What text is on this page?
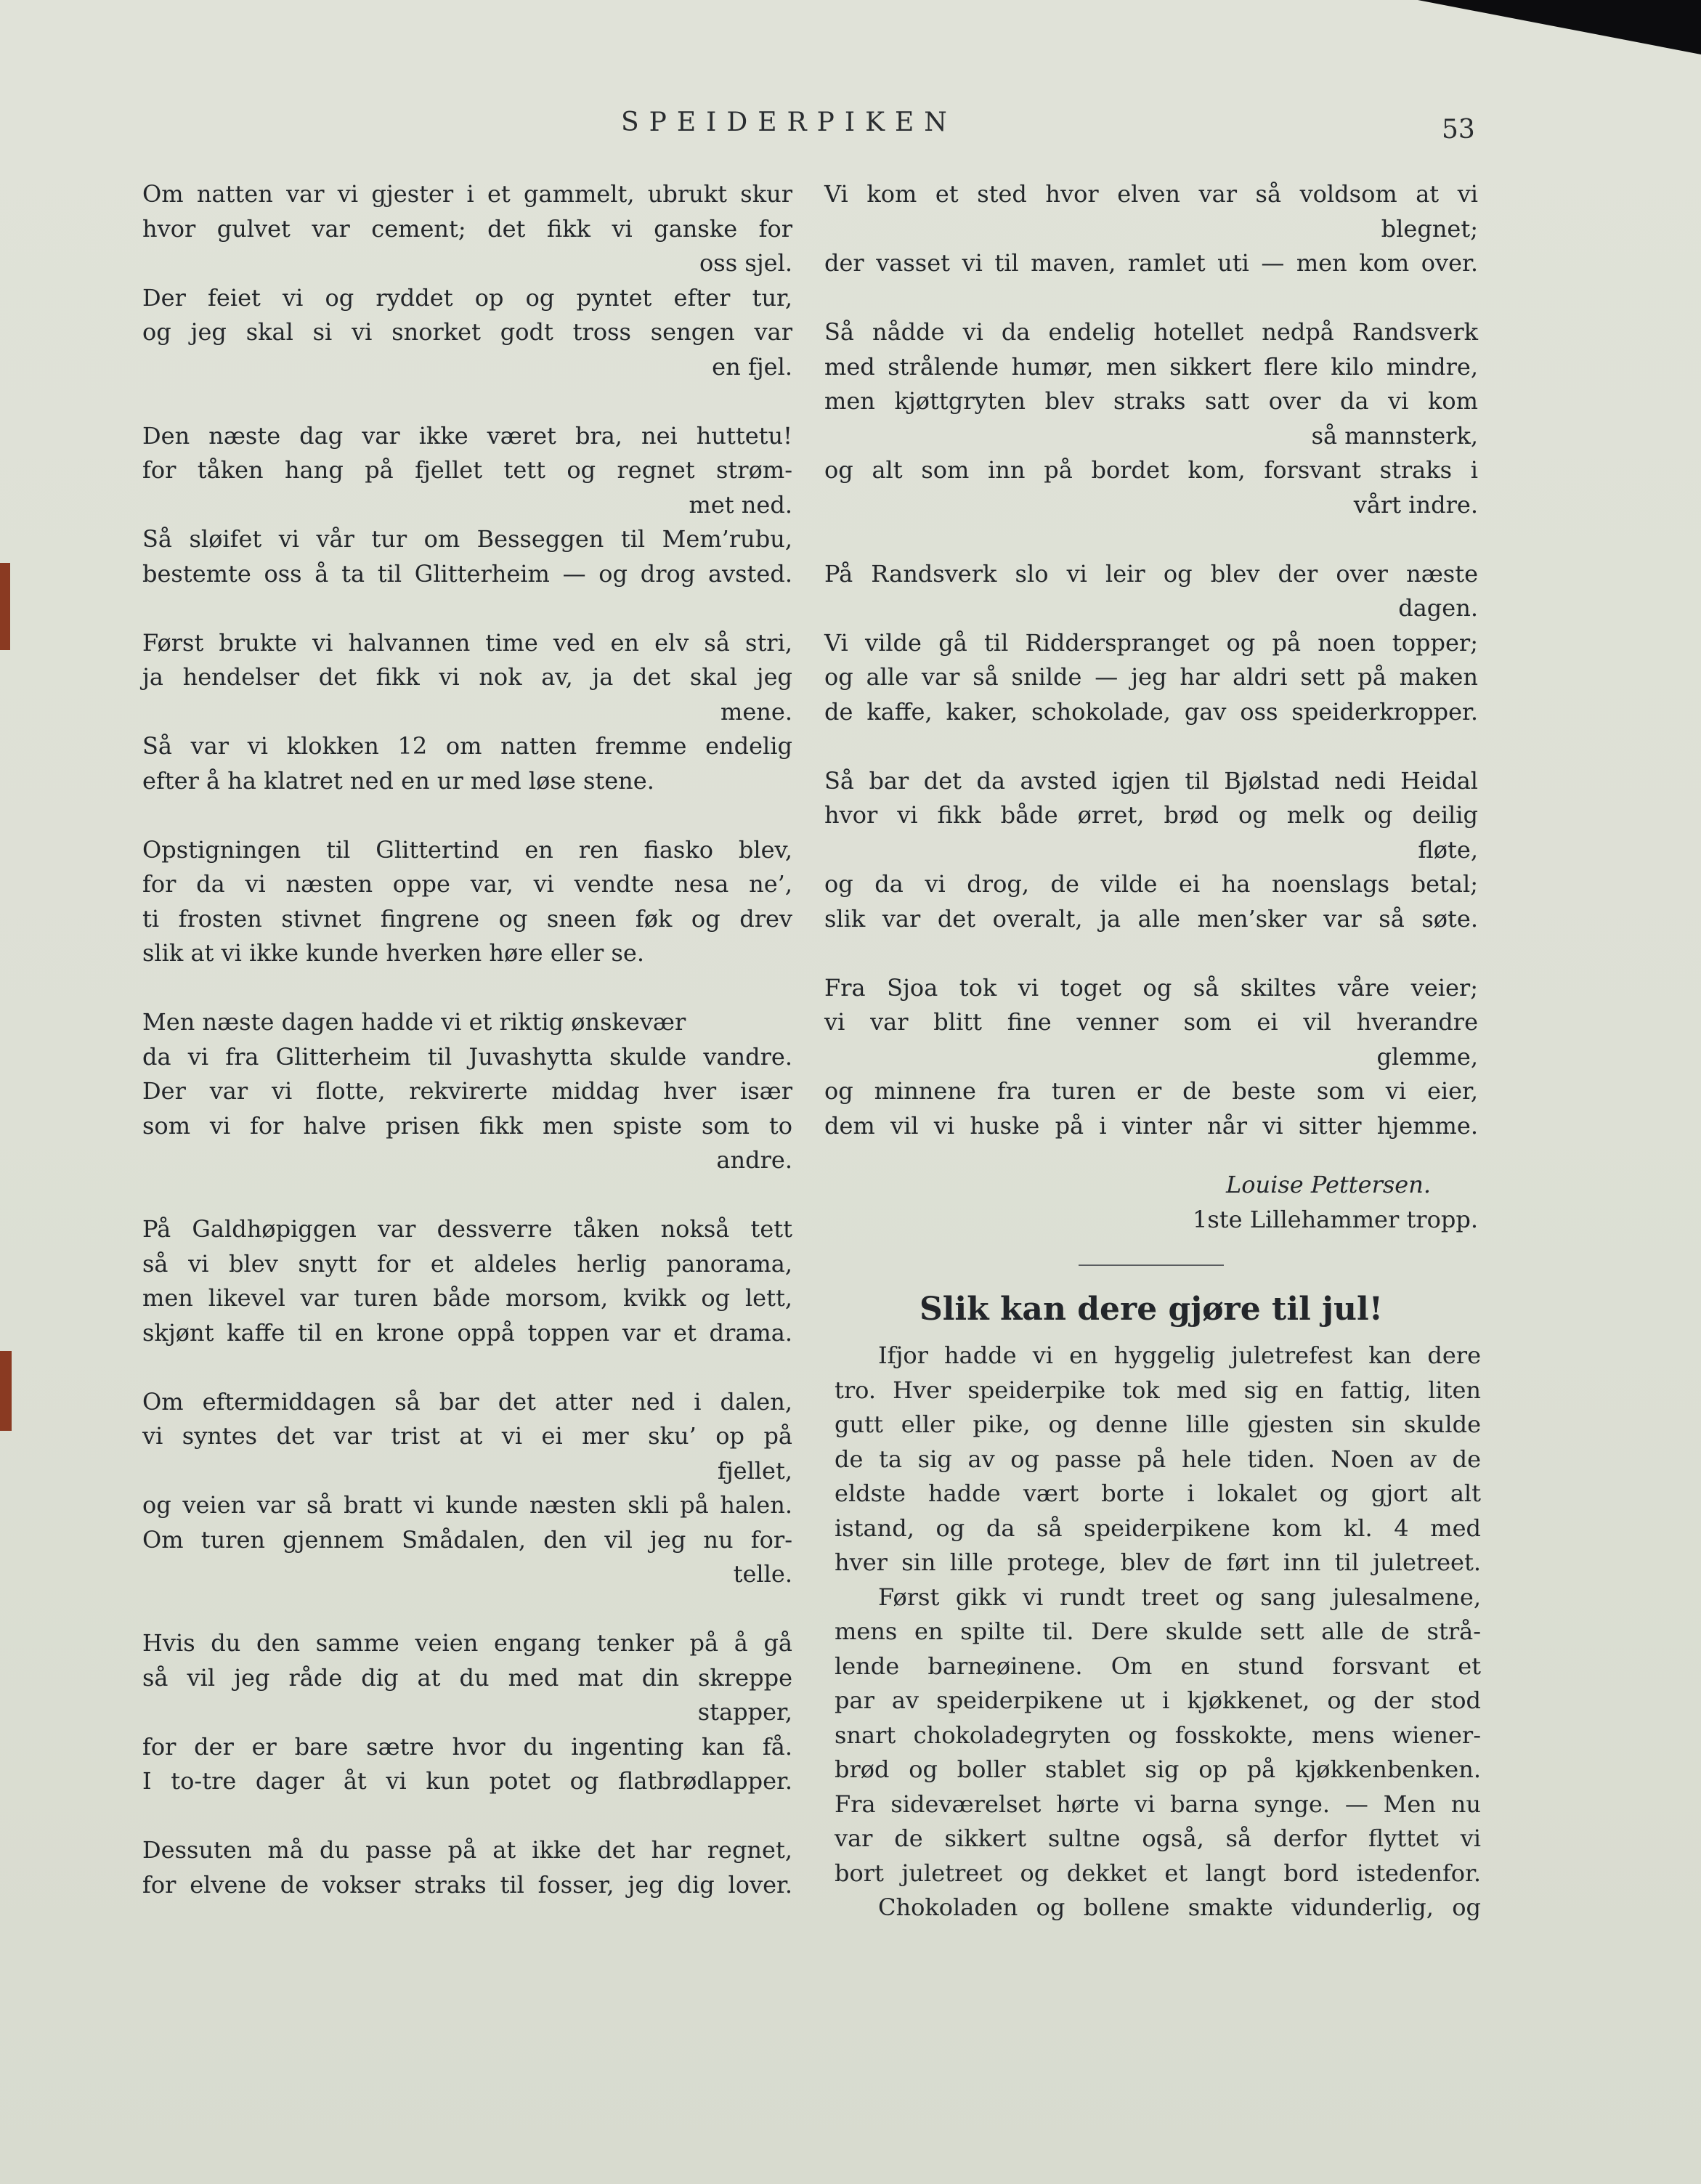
SPEIDERPIKEN	53
Om natten var vi gjester i et gammelt, ubrukt skur
hvor gulvet var cement; det fikk vi ganske for
oss sjel.
Der feiet vi og ryddet op og pyntet efter tur,
og jeg skal si vi snorket godt tross sengen var
en fjel.
Den næste dag var ikke været bra, nei huttetu!
for tåken hang på fjellet tett og regnet strøm-
met ned.
Så sløifet vi vår tur om Besseggen til Mem’rubu,
bestemte oss å ta til Glitterheim — og drog avsted.
Først brukte vi halvannen time ved en elv så stri,
ja hendelser det fikk vi nok av, ja det skal jeg
mene.
Så var vi klokken 12 om natten fremme endelig
efter å ha klatret ned en ur med løse stene.
Opstigningen til Glittertind en ren fiasko blev,
for da vi næsten oppe var, vi vendte nesa ne’,
ti frosten stivnet fingrene og sneen føk og drev
slik at vi ikke kunde hverken høre eller se.
Men næste dagen hadde vi et riktig ønskevær
da vi fra Glitterheim til Juvashytta skulde vandre.
Der var vi flotte, rekvirerte middag hver især
som vi for halve prisen fikk men spiste som to
andre.
På Galdhøpiggen var dessverre tåken nokså tett
så vi blev snytt for et aldeles herlig panorama,
men likevel var turen både morsom, kvikk og lett,
skjønt kaffe til en krone oppå toppen var et drama.
Om eftermiddagen så bar det atter ned i dalen,
vi syntes det var trist at vi ei mer sku’ op på
fjellet,
og veien var så bratt vi kunde næsten skli på halen.
Om turen gjennem Smådalen, den vil jeg nu for-
telle.
Hvis du den samme veien engang tenker på å gå
så vil jeg råde dig at du med mat din skreppe
stapper,
for der er bare sætre hvor du ingenting kan få.
I to-tre dager åt vi kun potet og flatbrødlapper.
Dessuten må du passe på at ikke det har regnet,
for elvene de vokser straks til fosser, jeg dig lover.
Vi kom et sted hvor elven var så voldsom at vi
blegnet;
der vasset vi til maven, ramlet uti — men kom over.
Så nådde vi da endelig hotellet nedpå Randsverk
med strålende humør, men sikkert flere kilo mindre,
men kjøttgryten blev straks satt over da vi kom
så mannsterk,
og alt som inn på bordet kom, forsvant straks i
vårt indre.
På Randsverk slo vi leir og blev der over næste
dagen.
Vi vilde gå til Ridderspranget og på noen topper;
og alle var så snilde — jeg har aldri sett på maken
de kaffe, kaker, schokolade, gav oss speiderkropper.
Så bar det da avsted igjen til Bjølstad nedi Heidal
hvor vi fikk både ørret, brød og melk og deilig
fløte,
og da vi drog, de vilde ei ha noenslags betal;
slik var det overalt, ja alle men’sker var så søte.
Fra Sjoa tok vi toget og så skiltes våre veier;
vi var blitt fine venner som ei vil hverandre
glemme,
og minnene fra turen er de beste som vi eier,
dem vil vi huske på i vinter når vi sitter hjemme.
Louise Pettersen.
1ste Lillehammer tropp.
Slik kan dere gjøre til jul!
Ifjor hadde vi en hyggelig juletrefest kan dere
tro. Hver speiderpike tok med sig en fattig, liten
gutt eller pike, og denne lille gjesten sin skulde
de ta sig av og passe på hele tiden. Noen av de
eldste hadde vært borte i lokalet og gjort alt
istand, og da så speiderpikene kom kl. 4 med
hver sin lille protege, blev de ført inn til juletreet.
Først gikk vi rundt treet og sang julesalmene,
mens en spilte til. Dere skulde sett alle de strå-
lende barneøinene. Om en stund forsvant et
par av speiderpikene ut i kjøkkenet, og der stod
snart chokoladegryten og fosskokte, mens wiener-
brød og boller stablet sig op på kjøkkenbenken.
Fra sideværelset hørte vi barna synge. — Men nu
var de sikkert sultne også, så derfor flyttet vi
bort juletreet og dekket et langt bord istedenfor.
Chokoladen og bollene smakte vidunderlig, og
